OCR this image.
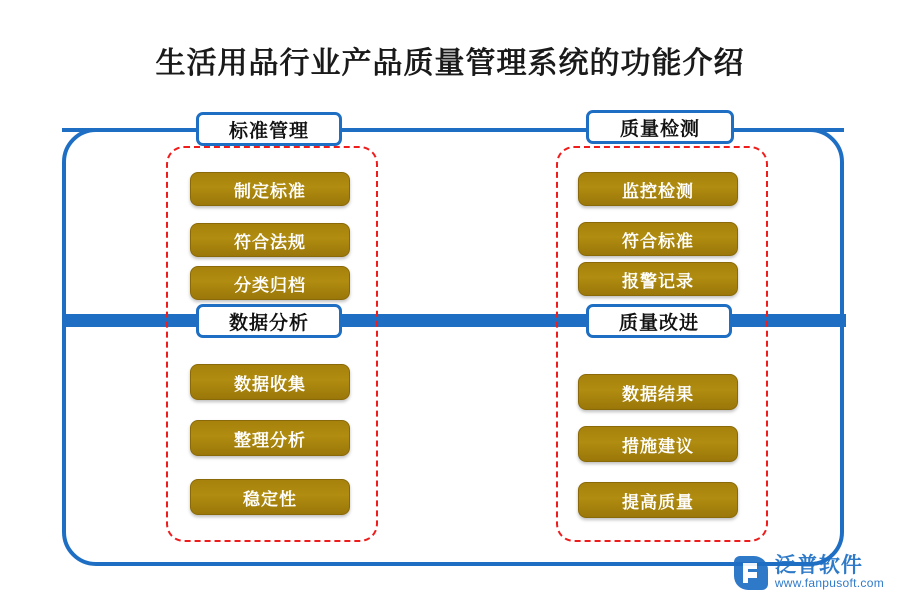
生活用品行业产品质量管理系统的功能介绍
标准管理
制定标准
符合法规
分类归档
质量检测
监控检测
符合标准
报警记录
数据分析
数据收集
整理分析
稳定性
质量改进
数据结果
措施建议
提高质量
泛普软件
www.fanpusoft.com
